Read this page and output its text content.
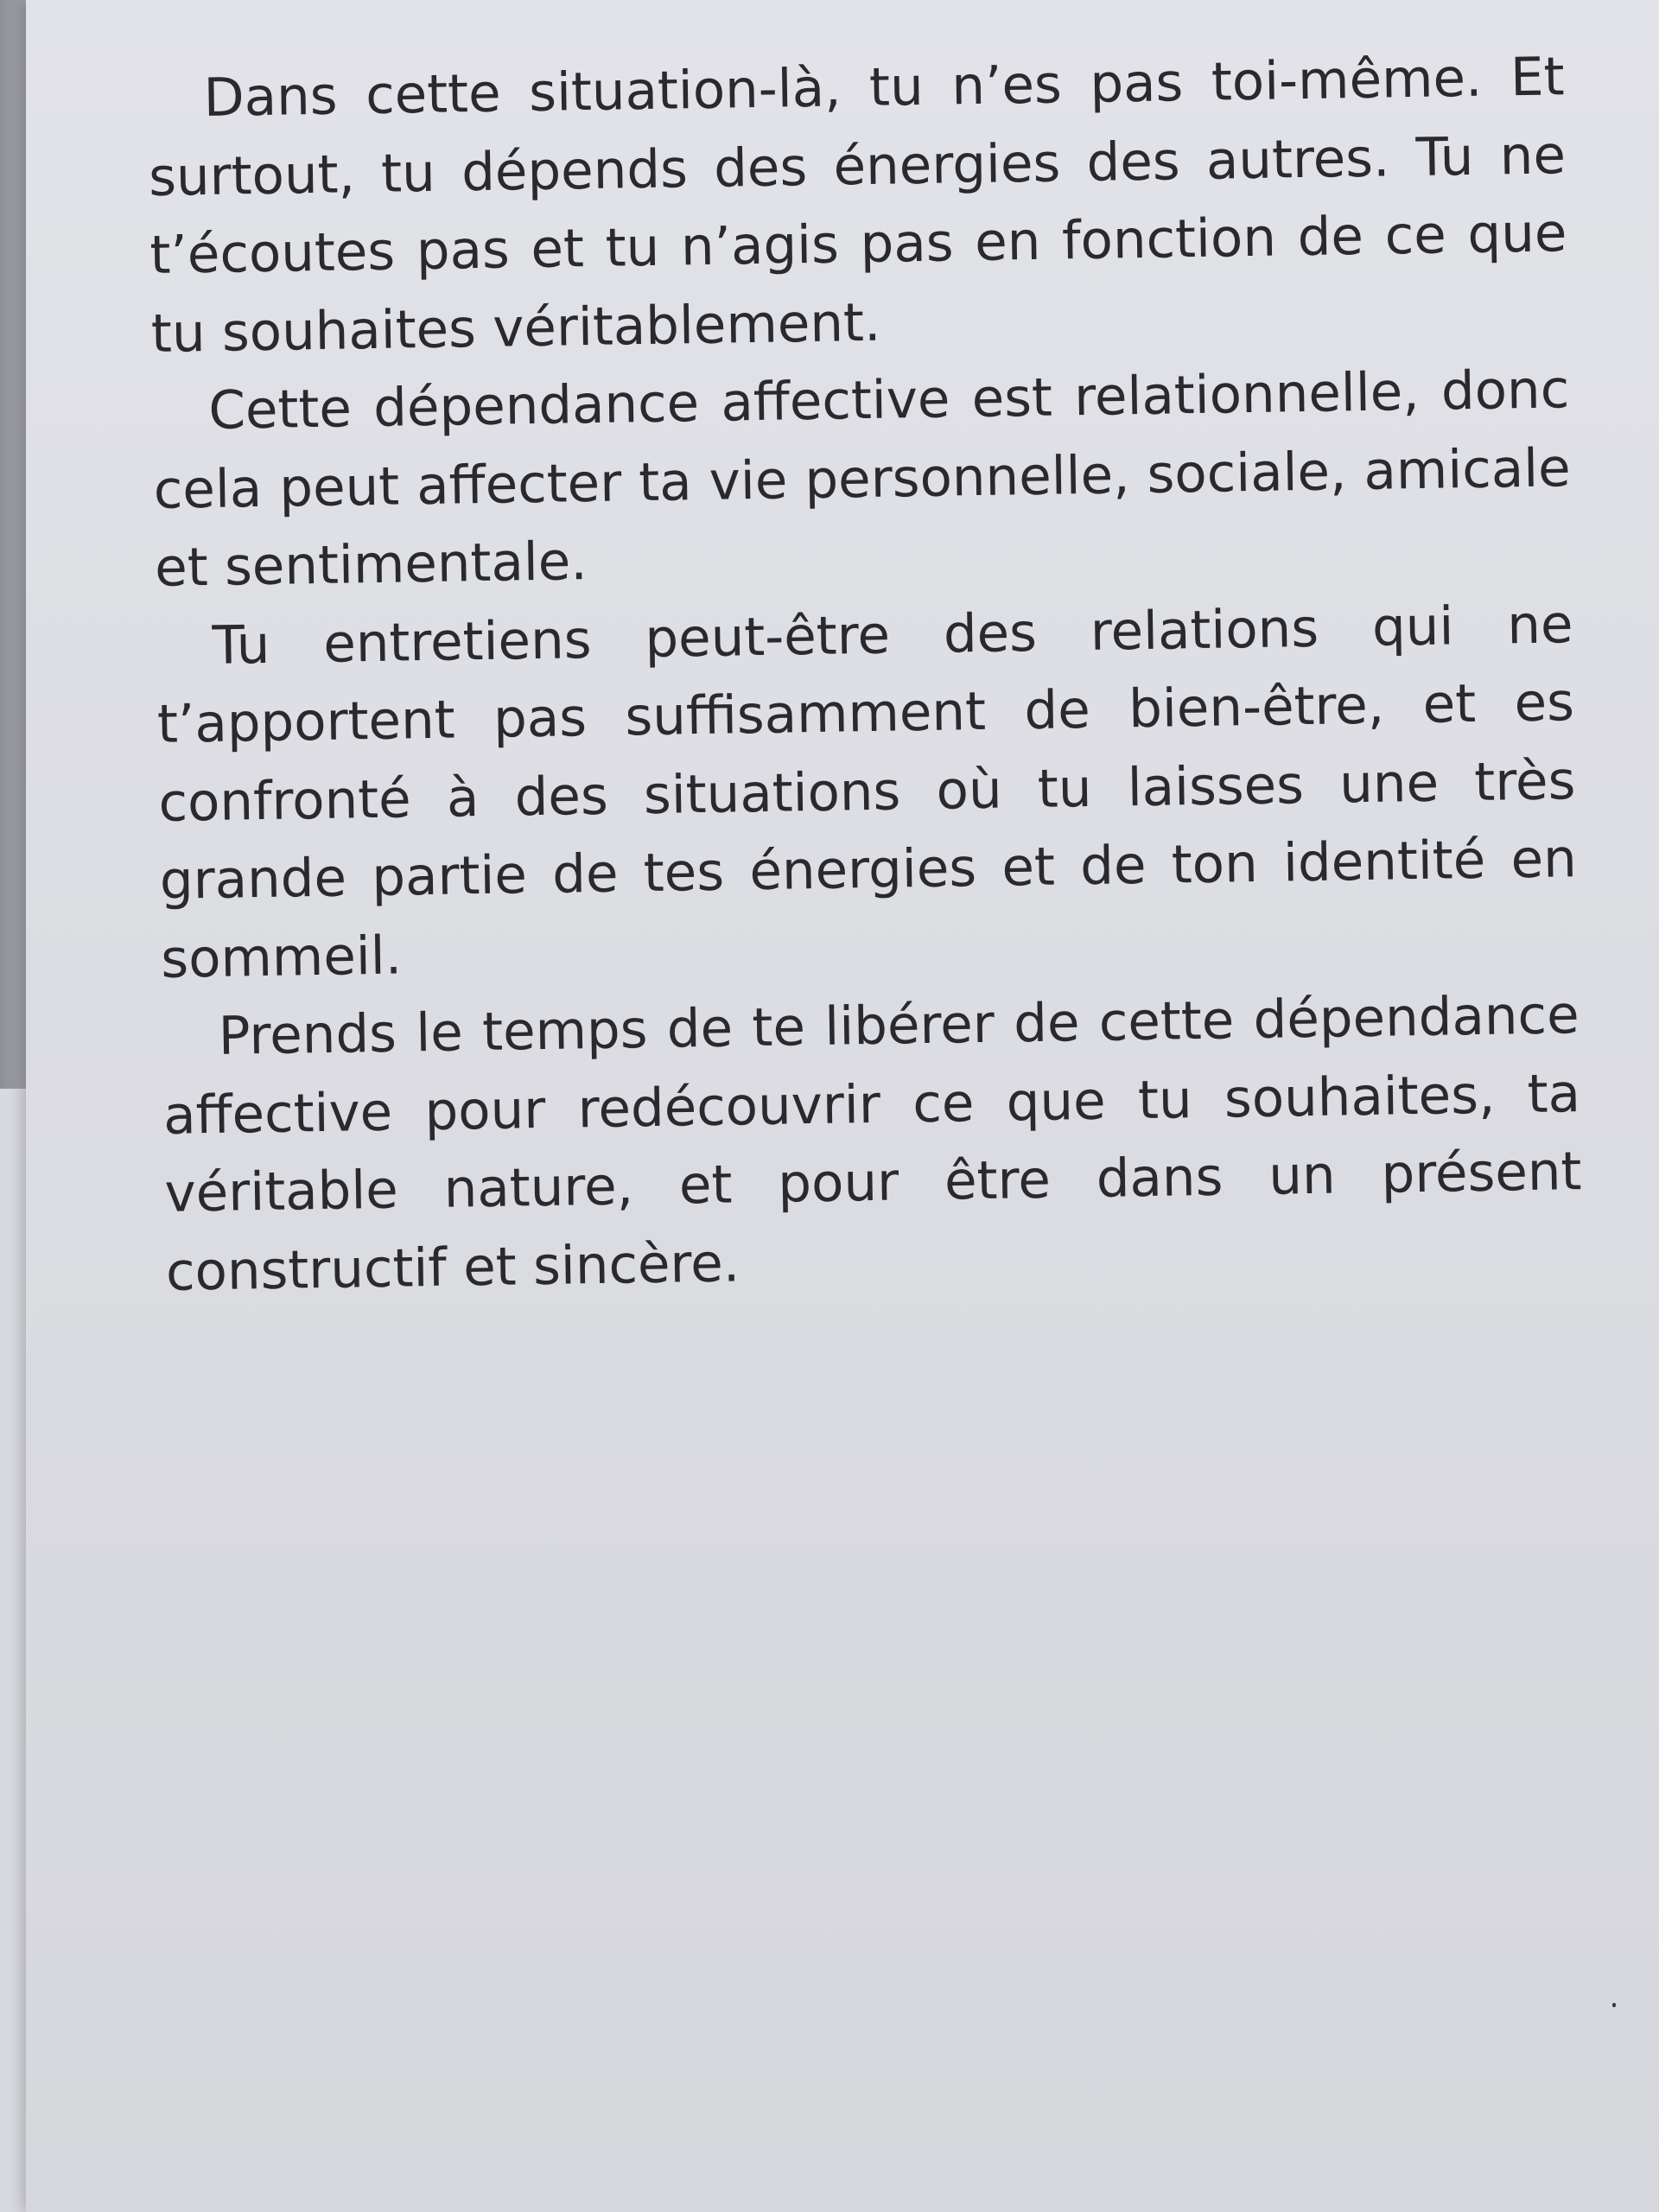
Dans cette situation-là, tu n’es pas toi-même. Et surtout, tu dépends des énergies des autres. Tu ne t’écoutes pas et tu n’agis pas en fonction de ce que tu souhaites véritablement.

Cette dépendance affective est relationnelle, donc cela peut affecter ta vie personnelle, sociale, amicale et sentimentale.

Tu entretiens peut-être des relations qui ne t’apportent pas suffisamment de bien-être, et es confronté à des situations où tu laisses une très grande partie de tes énergies et de ton identité en sommeil.

Prends le temps de te libérer de cette dépendance affective pour redécouvrir ce que tu souhaites, ta véritable nature, et pour être dans un présent constructif et sincère.
